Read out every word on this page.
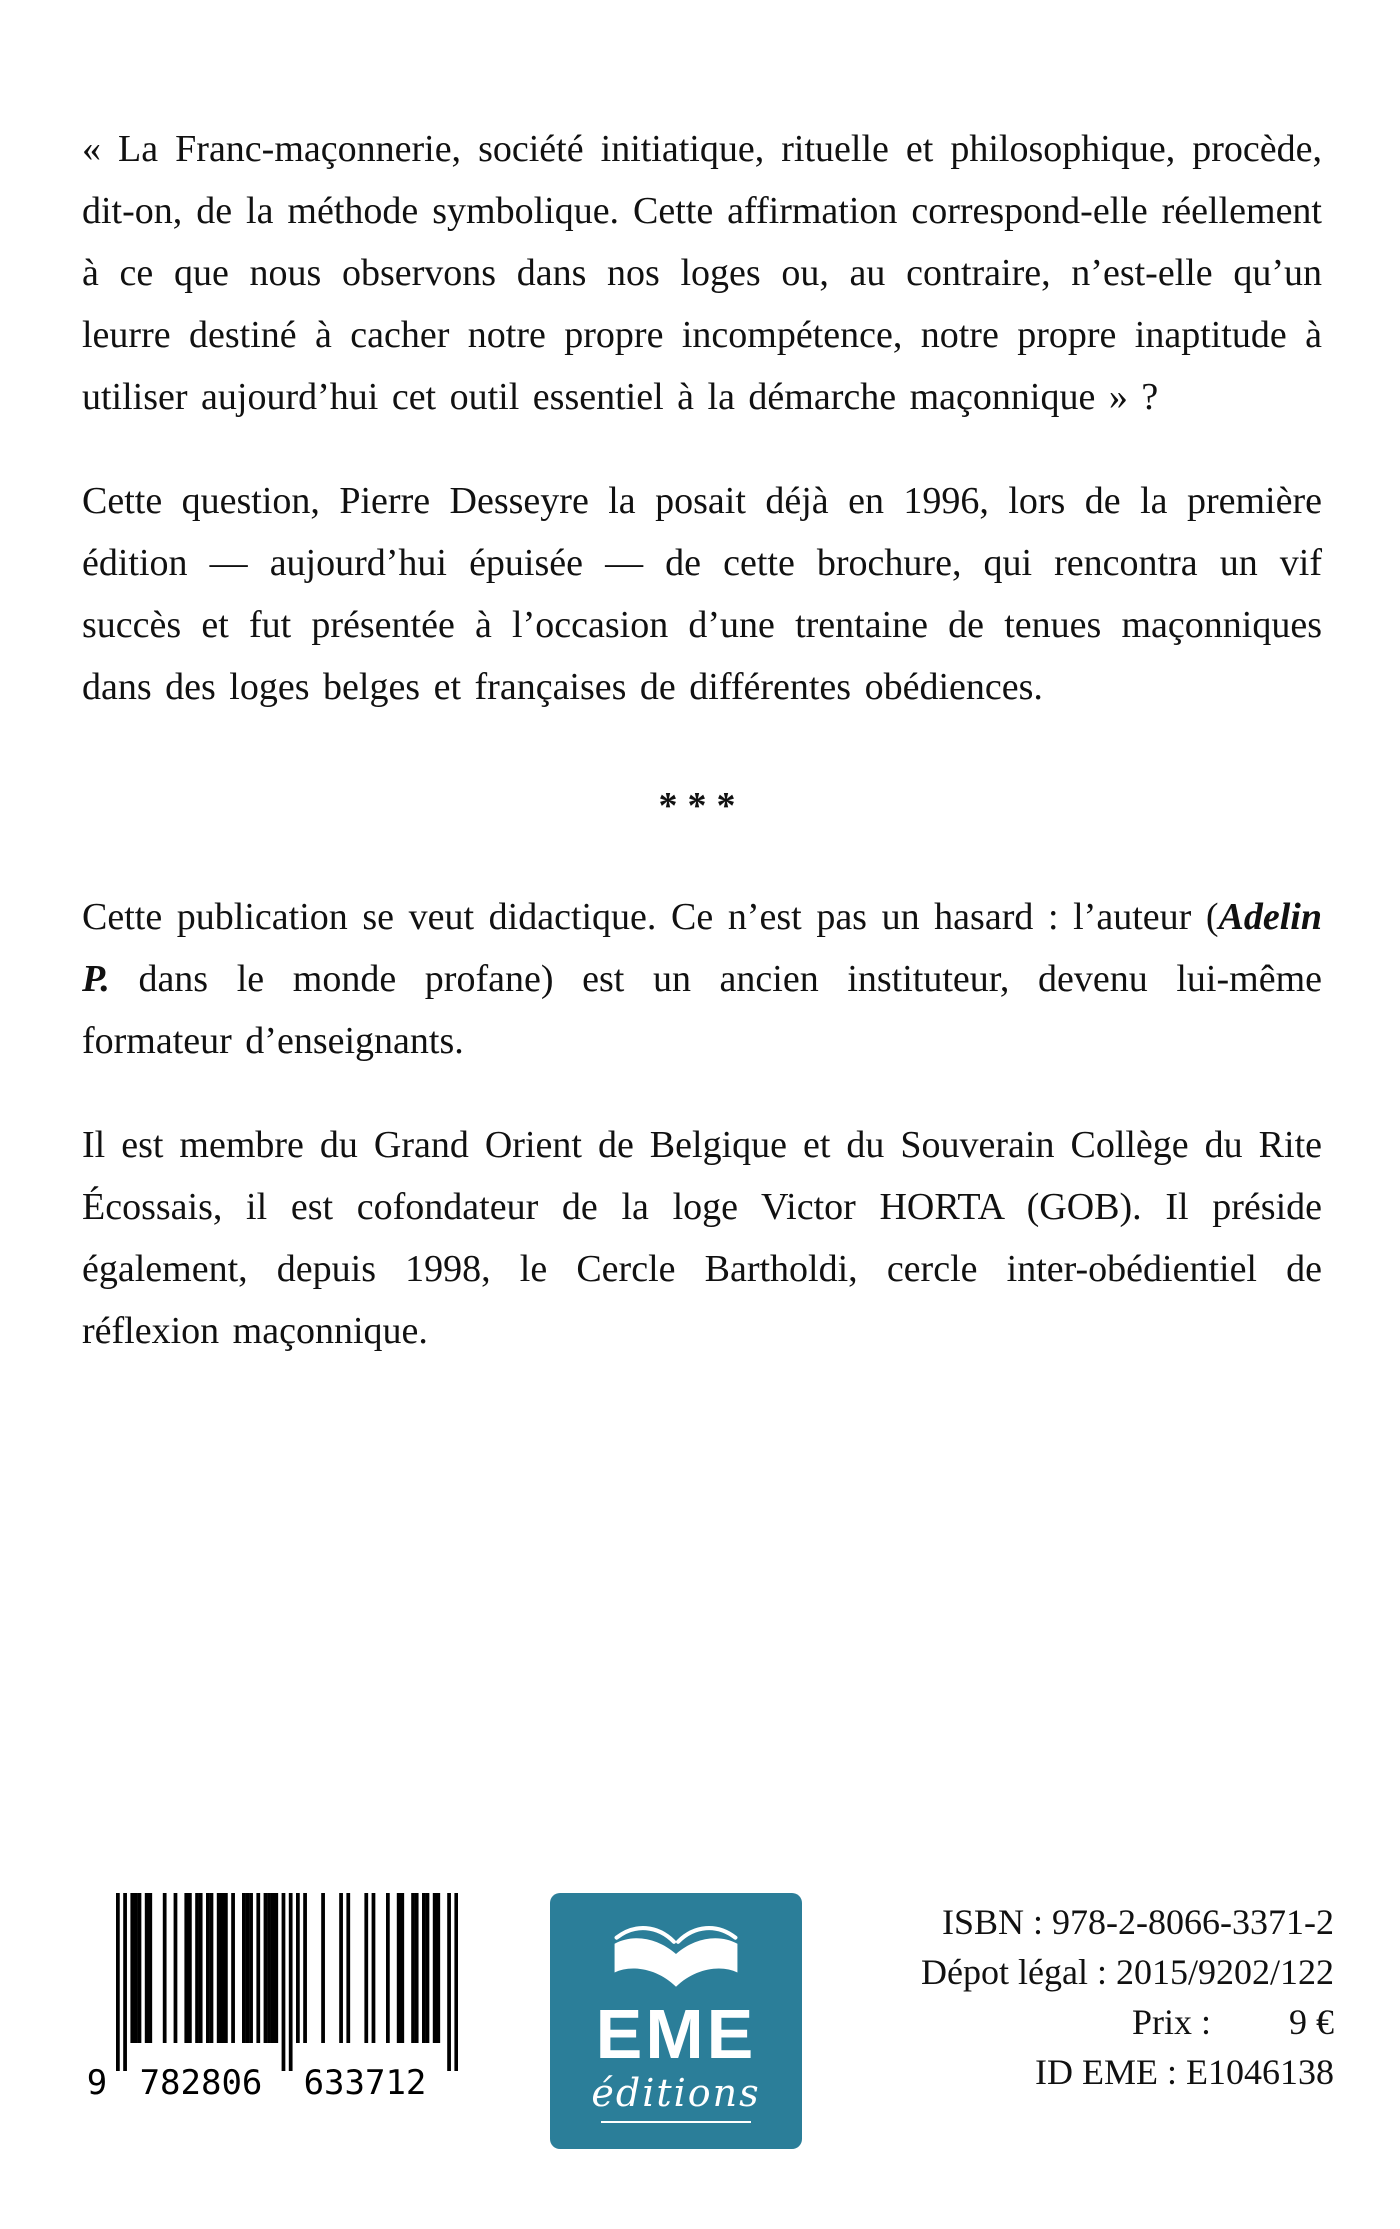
« La Franc-maçonnerie, société initiatique, rituelle et philosophique, procède, dit-on, de la méthode symbolique. Cette affirmation correspond-elle réellement à ce que nous observons dans nos loges ou, au contraire, n’est-elle qu’un leurre destiné à cacher notre propre incompétence, notre propre inaptitude à utiliser aujourd’hui cet outil essentiel à la démarche maçonnique » ?

Cette question, Pierre Desseyre la posait déjà en 1996, lors de la première édition — aujourd’hui épuisée — de cette brochure, qui rencontra un vif succès et fut présentée à l’occasion d’une trentaine de tenues maçonniques dans des loges belges et françaises de différentes obédiences.

***

Cette publication se veut didactique. Ce n’est pas un hasard : l’auteur (Adelin P. dans le monde profane) est un ancien instituteur, devenu lui-même formateur d’enseignants.

Il est membre du Grand Orient de Belgique et du Souverain Collège du Rite Écossais, il est cofondateur de la loge Victor HORTA (GOB). Il préside également, depuis 1998, le Cercle Bartholdi, cercle inter-obédientiel de réflexion maçonnique.

9 782806 633712
EME
éditions
ISBN : 978-2-8066-3371-2
Dépot légal : 2015/9202/122
Prix : 9 €
ID EME : E1046138
